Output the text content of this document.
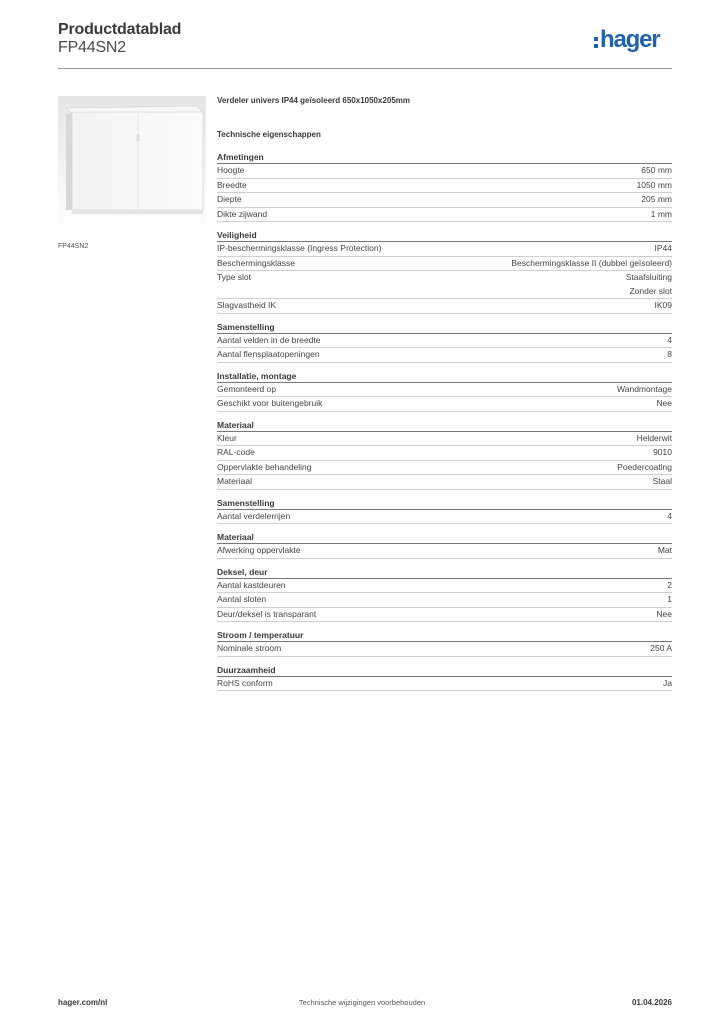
Productdatablad
FP44SN2	hager
FP44SN2
Verdeler univers IP44 geïsoleerd 650x1050x205mm
Technische eigenschappen
Afmetingen
Hoogte	650 mm
Breedte	1050 mm
Diepte	205 mm
Dikte zijwand	1 mm
Veiligheid
IP-beschermingsklasse (Ingress Protection)	IP44
Beschermingsklasse	Beschermingsklasse II (dubbel geïsoleerd)
Type slot	Staafsluiting
Zonder slot
Slagvastheid IK	IK09
Samenstelling
Aantal velden in de breedte	4
Aantal flensplaatopeningen	8
Installatie, montage
Gemonteerd op	Wandmontage
Geschikt voor buitengebruik	Nee
Materiaal
Kleur	Helderwit
RAL-code	9010
Oppervlakte behandeling	Poedercoating
Materiaal	Staal
Samenstelling
Aantal verdelerrijen	4
Materiaal
Afwerking oppervlakte	Mat
Deksel, deur
Aantal kastdeuren	2
Aantal sloten	1
Deur/deksel is transparant	Nee
Stroom / temperatuur
Nominale stroom	250 A
Duurzaamheid
RoHS conform	Ja
hager.com/nl	Technische wijzigingen voorbehouden	01.04.2026
